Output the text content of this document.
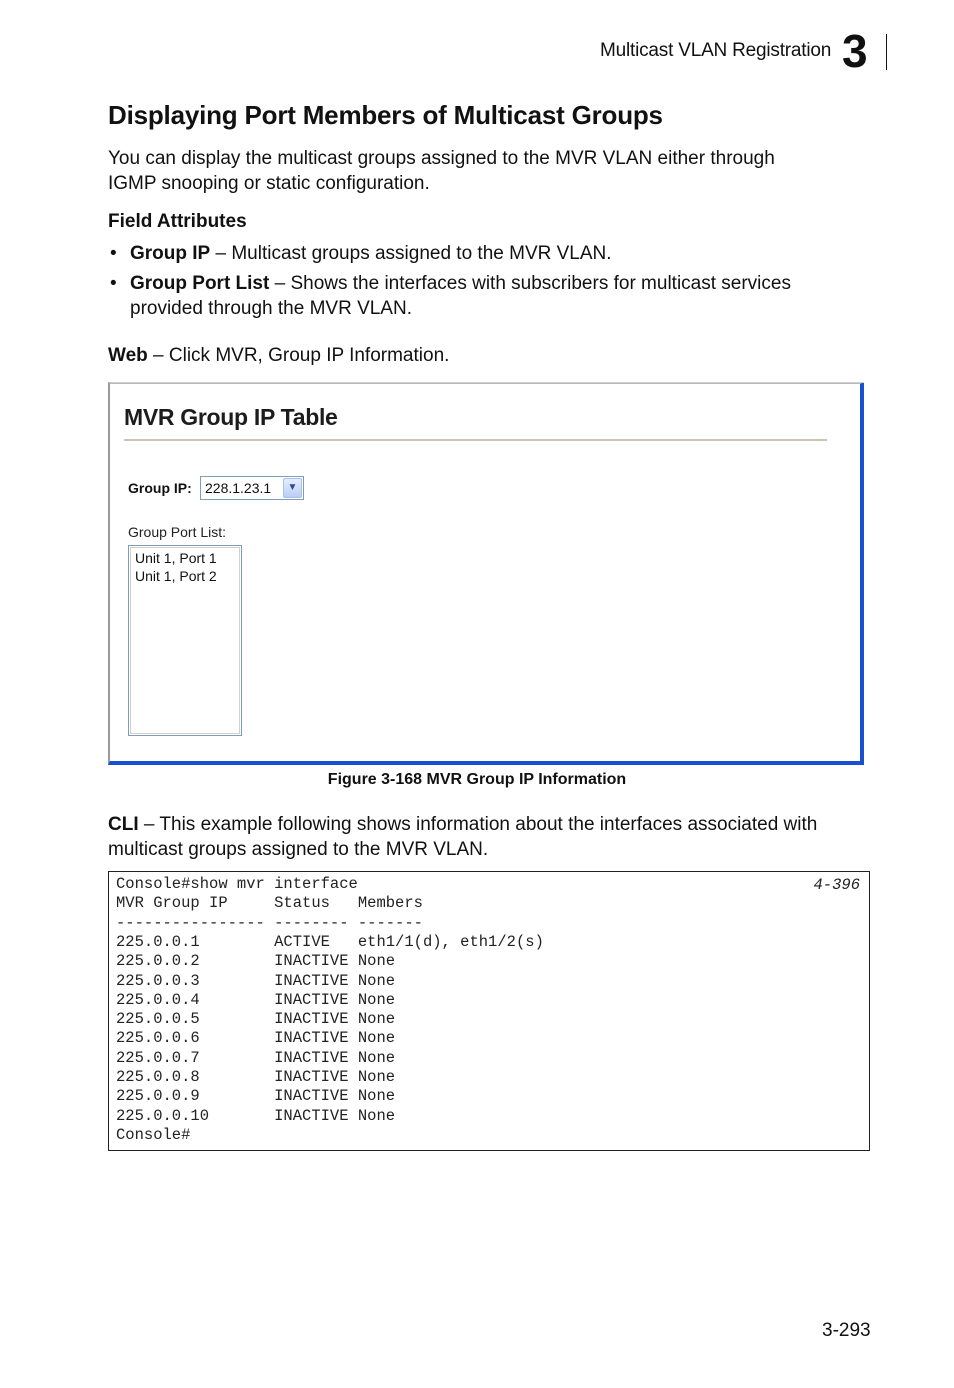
Multicast VLAN Registration 3
Displaying Port Members of Multicast Groups
You can display the multicast groups assigned to the MVR VLAN either through
IGMP snooping or static configuration.
Field Attributes
• Group IP – Multicast groups assigned to the MVR VLAN.
• Group Port List – Shows the interfaces with subscribers for multicast services
provided through the MVR VLAN.
Web – Click MVR, Group IP Information.
MVR Group IP Table
Group IP: 228.1.23.1	▼
Group Port List:
Unit 1, Port 1
Unit 1, Port 2
Figure 3-168 MVR Group IP Information
CLI – This example following shows information about the interfaces associated with
multicast groups assigned to the MVR VLAN.
4-396
Console#show mvr interface
MVR Group IP     Status   Members
---------------- -------- -------
225.0.0.1        ACTIVE   eth1/1(d), eth1/2(s)
225.0.0.2        INACTIVE None
225.0.0.3        INACTIVE None
225.0.0.4        INACTIVE None
225.0.0.5        INACTIVE None
225.0.0.6        INACTIVE None
225.0.0.7        INACTIVE None
225.0.0.8        INACTIVE None
225.0.0.9        INACTIVE None
225.0.0.10       INACTIVE None
Console#
3-293
